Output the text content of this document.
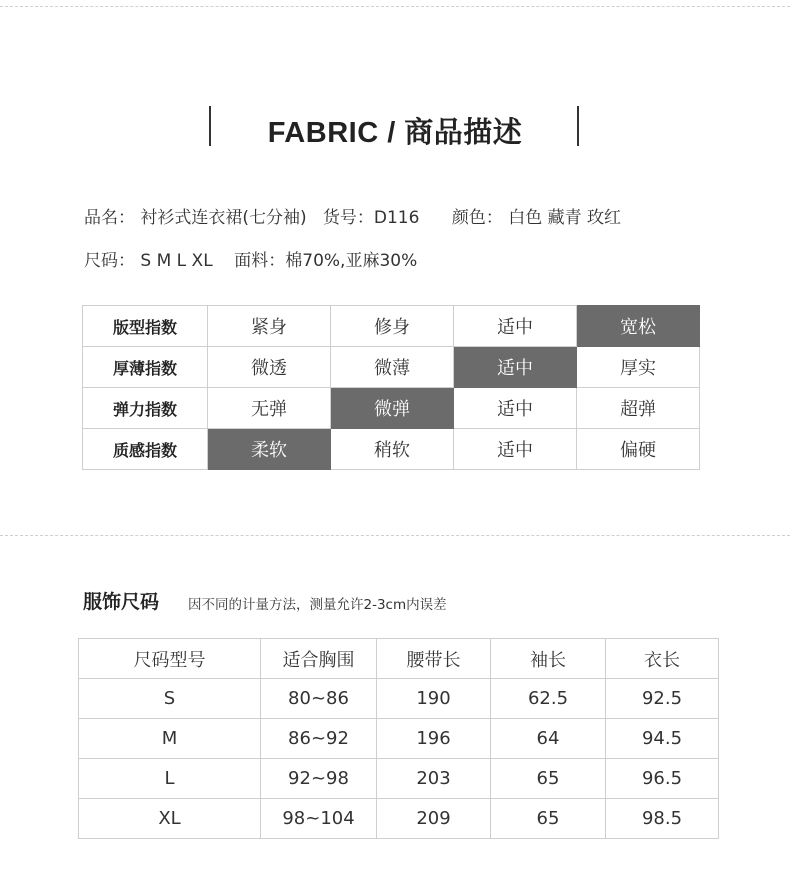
FABRIC / 商品描述
品名： 衬衫式连衣裙(七分袖)   货号：D116      颜色： 白色 藏青 玫红
尺码： S M L XL    面料：棉70%,亚麻30%
版型指数	紧身	修身	适中	宽松
厚薄指数	微透	微薄	适中	厚实
弹力指数	无弹	微弹	适中	超弹
质感指数	柔软	稍软	适中	偏硬
服饰尺码 因不同的计量方法，测量允许2-3cm内误差
尺码型号	适合胸围	腰带长	袖长	衣长
S	80~86	190	62.5	92.5
M	86~92	196	64	94.5
L	92~98	203	65	96.5
XL	98~104	209	65	98.5
